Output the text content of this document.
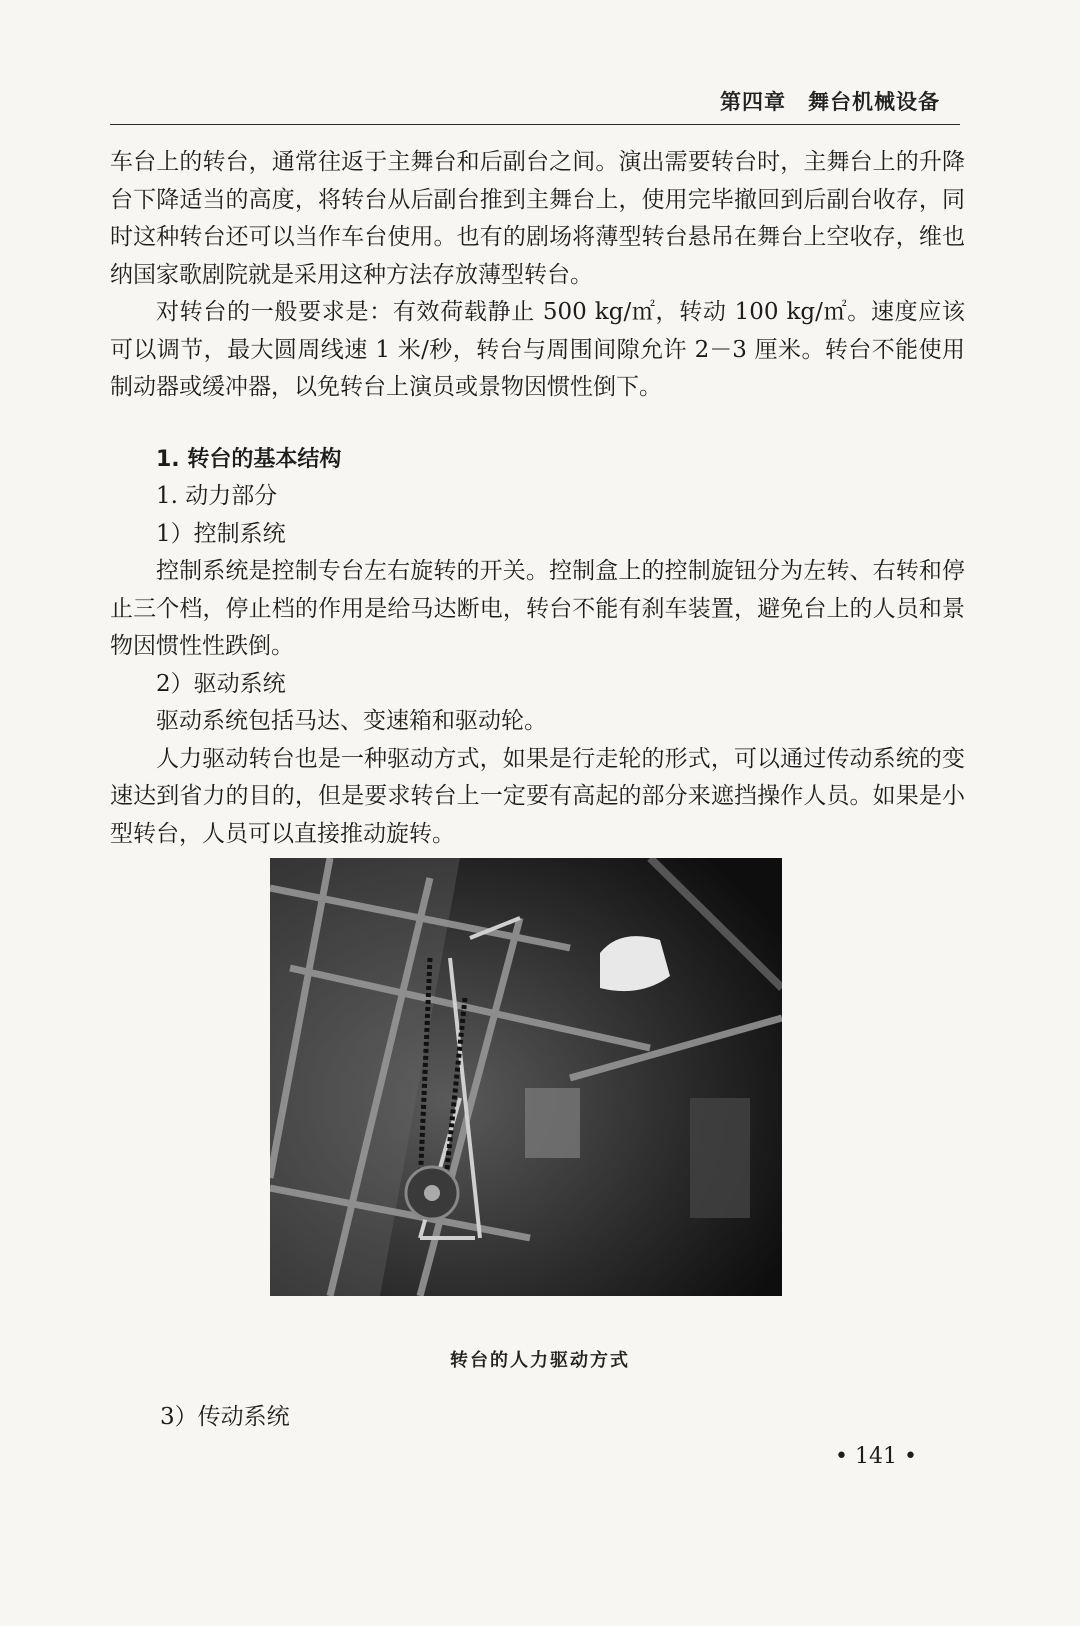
第四章 舞台机械设备

车台上的转台，通常往返于主舞台和后副台之间。演出需要转台时，主舞台上的升降台下降适当的高度，将转台从后副台推到主舞台上，使用完毕撤回到后副台收存，同时这种转台还可以当作车台使用。也有的剧场将薄型转台悬吊在舞台上空收存，维也纳国家歌剧院就是采用这种方法存放薄型转台。

对转台的一般要求是：有效荷载静止 500 kg/㎡，转动 100 kg/㎡。速度应该可以调节，最大圆周线速 1 米/秒，转台与周围间隙允许 2－3 厘米。转台不能使用制动器或缓冲器，以免转台上演员或景物因惯性倒下。

1. 转台的基本结构

1. 动力部分

1）控制系统

控制系统是控制专台左右旋转的开关。控制盒上的控制旋钮分为左转、右转和停止三个档，停止档的作用是给马达断电，转台不能有刹车装置，避免台上的人员和景物因惯性性跌倒。

2）驱动系统

驱动系统包括马达、变速箱和驱动轮。

人力驱动转台也是一种驱动方式，如果是行走轮的形式，可以通过传动系统的变速达到省力的目的，但是要求转台上一定要有高起的部分来遮挡操作人员。如果是小型转台，人员可以直接推动旋转。

转台的人力驱动方式
3）传动系统
• 141 •
